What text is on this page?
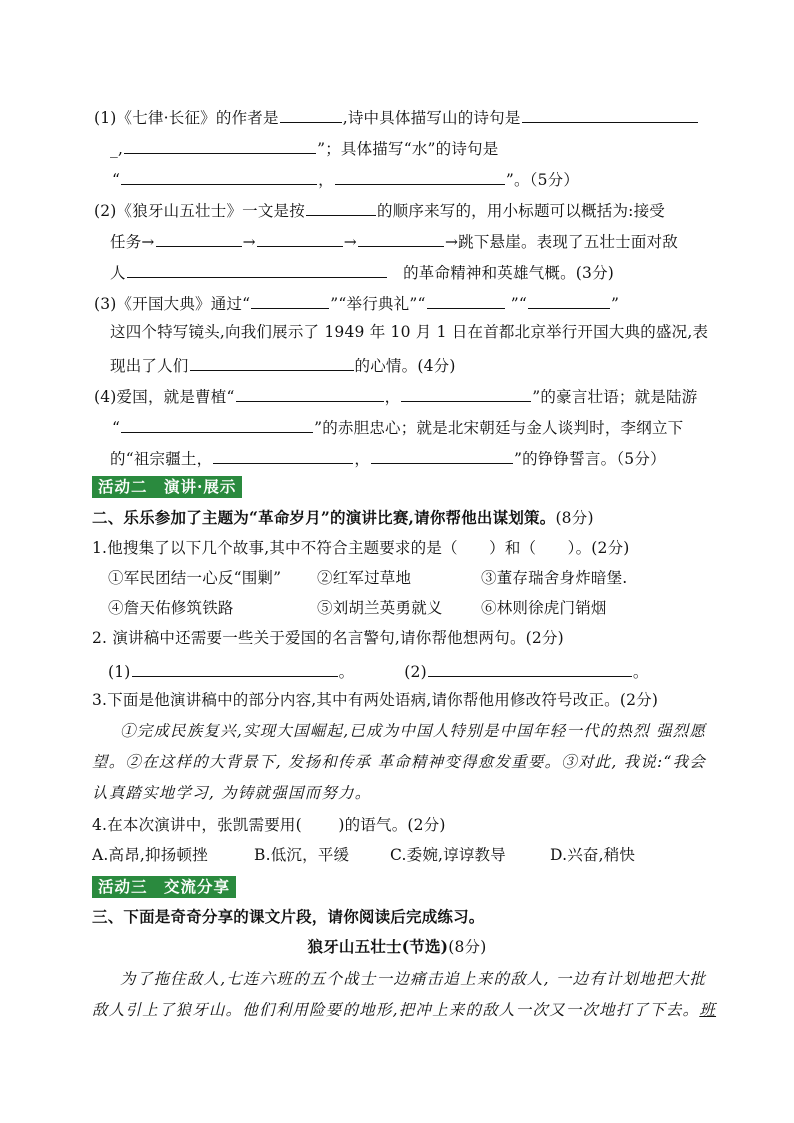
(1)《七律·长征》的作者是	,诗中具体描写山的诗句是
_,	”；具体描写“水”的诗句是
“	，	”。（5分）
(2)《狼牙山五壮士》一文是按	的顺序来写的，用小标题可以概括为:接受
任务→	→	→	→跳下悬崖。表现了五壮士面对敌
人	的革命精神和英雄气概。(3分)
(3)《开国大典》通过“	”“举行典礼”“	”“	”
这四个特写镜头,向我们展示了 1949 年 10 月 1 日在首都北京举行开国大典的盛况,表
现出了人们	的心情。(4分)
(4)爱国，就是曹植“	，	”的豪言壮语；就是陆游
“	”的赤胆忠心；就是北宋朝廷与金人谈判时，李纲立下
的“祖宗疆土，	，	”的铮铮誓言。（5分）
活动二　演讲·展示
二、乐乐参加了主题为“革命岁月”的演讲比赛,请你帮他出谋划策。(8分)
1.他搜集了以下几个故事,其中不符合主题要求的是（　　）和（　　）。(2分)
①军民团结一心反“围剿” ②红军过草地	③董存瑞舍身炸暗堡.
④詹天佑修筑铁路	⑤刘胡兰英勇就义 ⑥林则徐虎门销烟
2. 演讲稿中还需要一些关于爱国的名言警句,请你帮他想两句。(2分)
(1)	。	(2)	。
3.下面是他演讲稿中的部分内容,其中有两处语病,请你帮他用修改符号改正。(2分)
①完成民族复兴,实现大国崛起,已成为中国人特别是中国年轻一代的热烈 强烈愿
望。②在这样的大背景下, 发扬和传承 革命精神变得愈发重要。③对此, 我说:“我会
认真踏实地学习, 为铸就强国而努力。
4.在本次演讲中，张凯需要用(　　 )的语气。(2分)
A.高昂,抑扬顿挫	B.低沉，平缓	C.委婉,谆谆教导	D.兴奋,稍快
活动三　交流分享
三、下面是奇奇分享的课文片段，请你阅读后完成练习。
狼牙山五壮士(节选)(8分)
为了拖住敌人,七连六班的五个战士一边痛击追上来的敌人, 一边有计划地把大批
敌人引上了狼牙山。他们利用险要的地形,把冲上来的敌人一次又一次地打了下去。班
